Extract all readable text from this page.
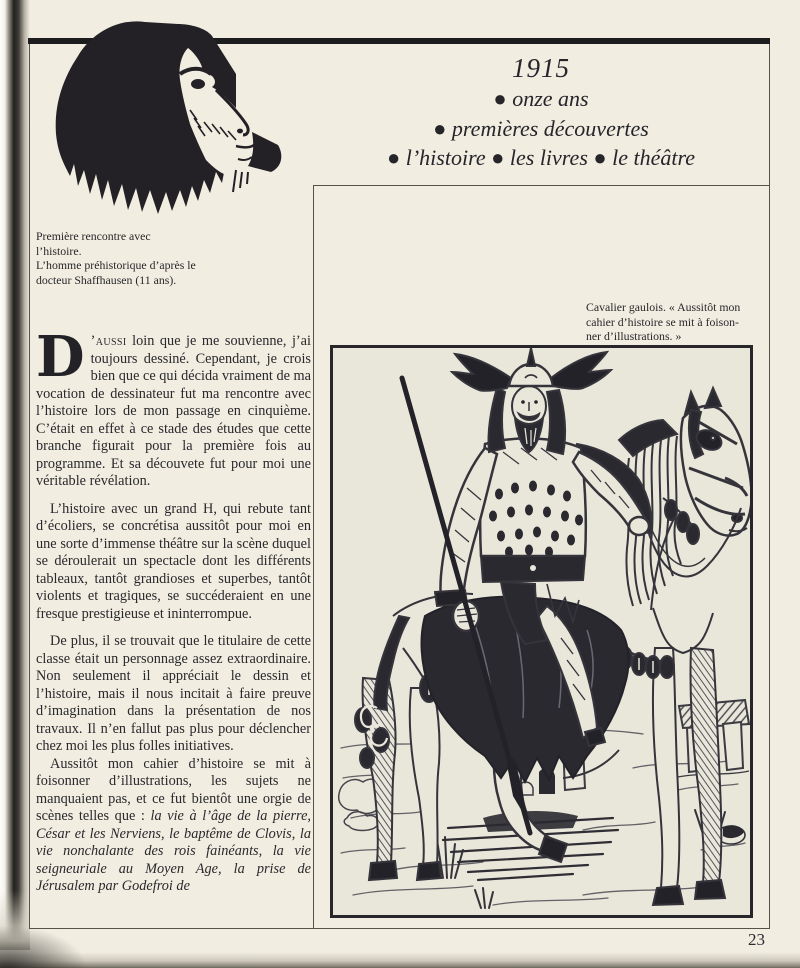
Première rencontre avec
l’histoire.
L’homme préhistorique d’après le
docteur Shaffhausen (11 ans).
1915
● onze ans
● premières découvertes
● l’histoire ● les livres ● le théâtre

D ’aussi loin que je me souvienne, j’ai toujours dessiné. Cependant, je crois bien que ce qui décida vraiment de ma vocation de dessinateur fut ma rencontre avec l’histoire lors de mon passage en cinquième. C’était en effet à ce stade des études que cette branche figurait pour la première fois au programme. Et sa découvete fut pour moi une véritable révélation.

L’histoire avec un grand H, qui rebute tant d’écoliers, se concrétisa aussitôt pour moi en une sorte d’immense théâtre sur la scène duquel se déroulerait un spectacle dont les différents tableaux, tantôt grandioses et superbes, tantôt violents et tragiques, se succéderaient en une fresque prestigieuse et ininterrompue.

De plus, il se trouvait que le titulaire de cette classe était un personnage assez extraordinaire. Non seulement il appréciait le dessin et l’histoire, mais il nous incitait à faire preuve d’imagination dans la présentation de nos travaux. Il n’en fallut pas plus pour déclencher chez moi les plus folles initiatives.

Aussitôt mon cahier d’histoire se mit à foisonner d’illustrations, les sujets ne manquaient pas, et ce fut bientôt une orgie de scènes telles que : la vie à l’âge de la pierre, César et les Nerviens, le baptême de Clovis, la vie nonchalante des rois fainéants, la vie seigneuriale au Moyen Age, la prise de Jérusalem par Godefroi de

Cavalier gaulois. « Aussitôt mon
cahier d’histoire se mit à foison-
ner d’illustrations. »
23
